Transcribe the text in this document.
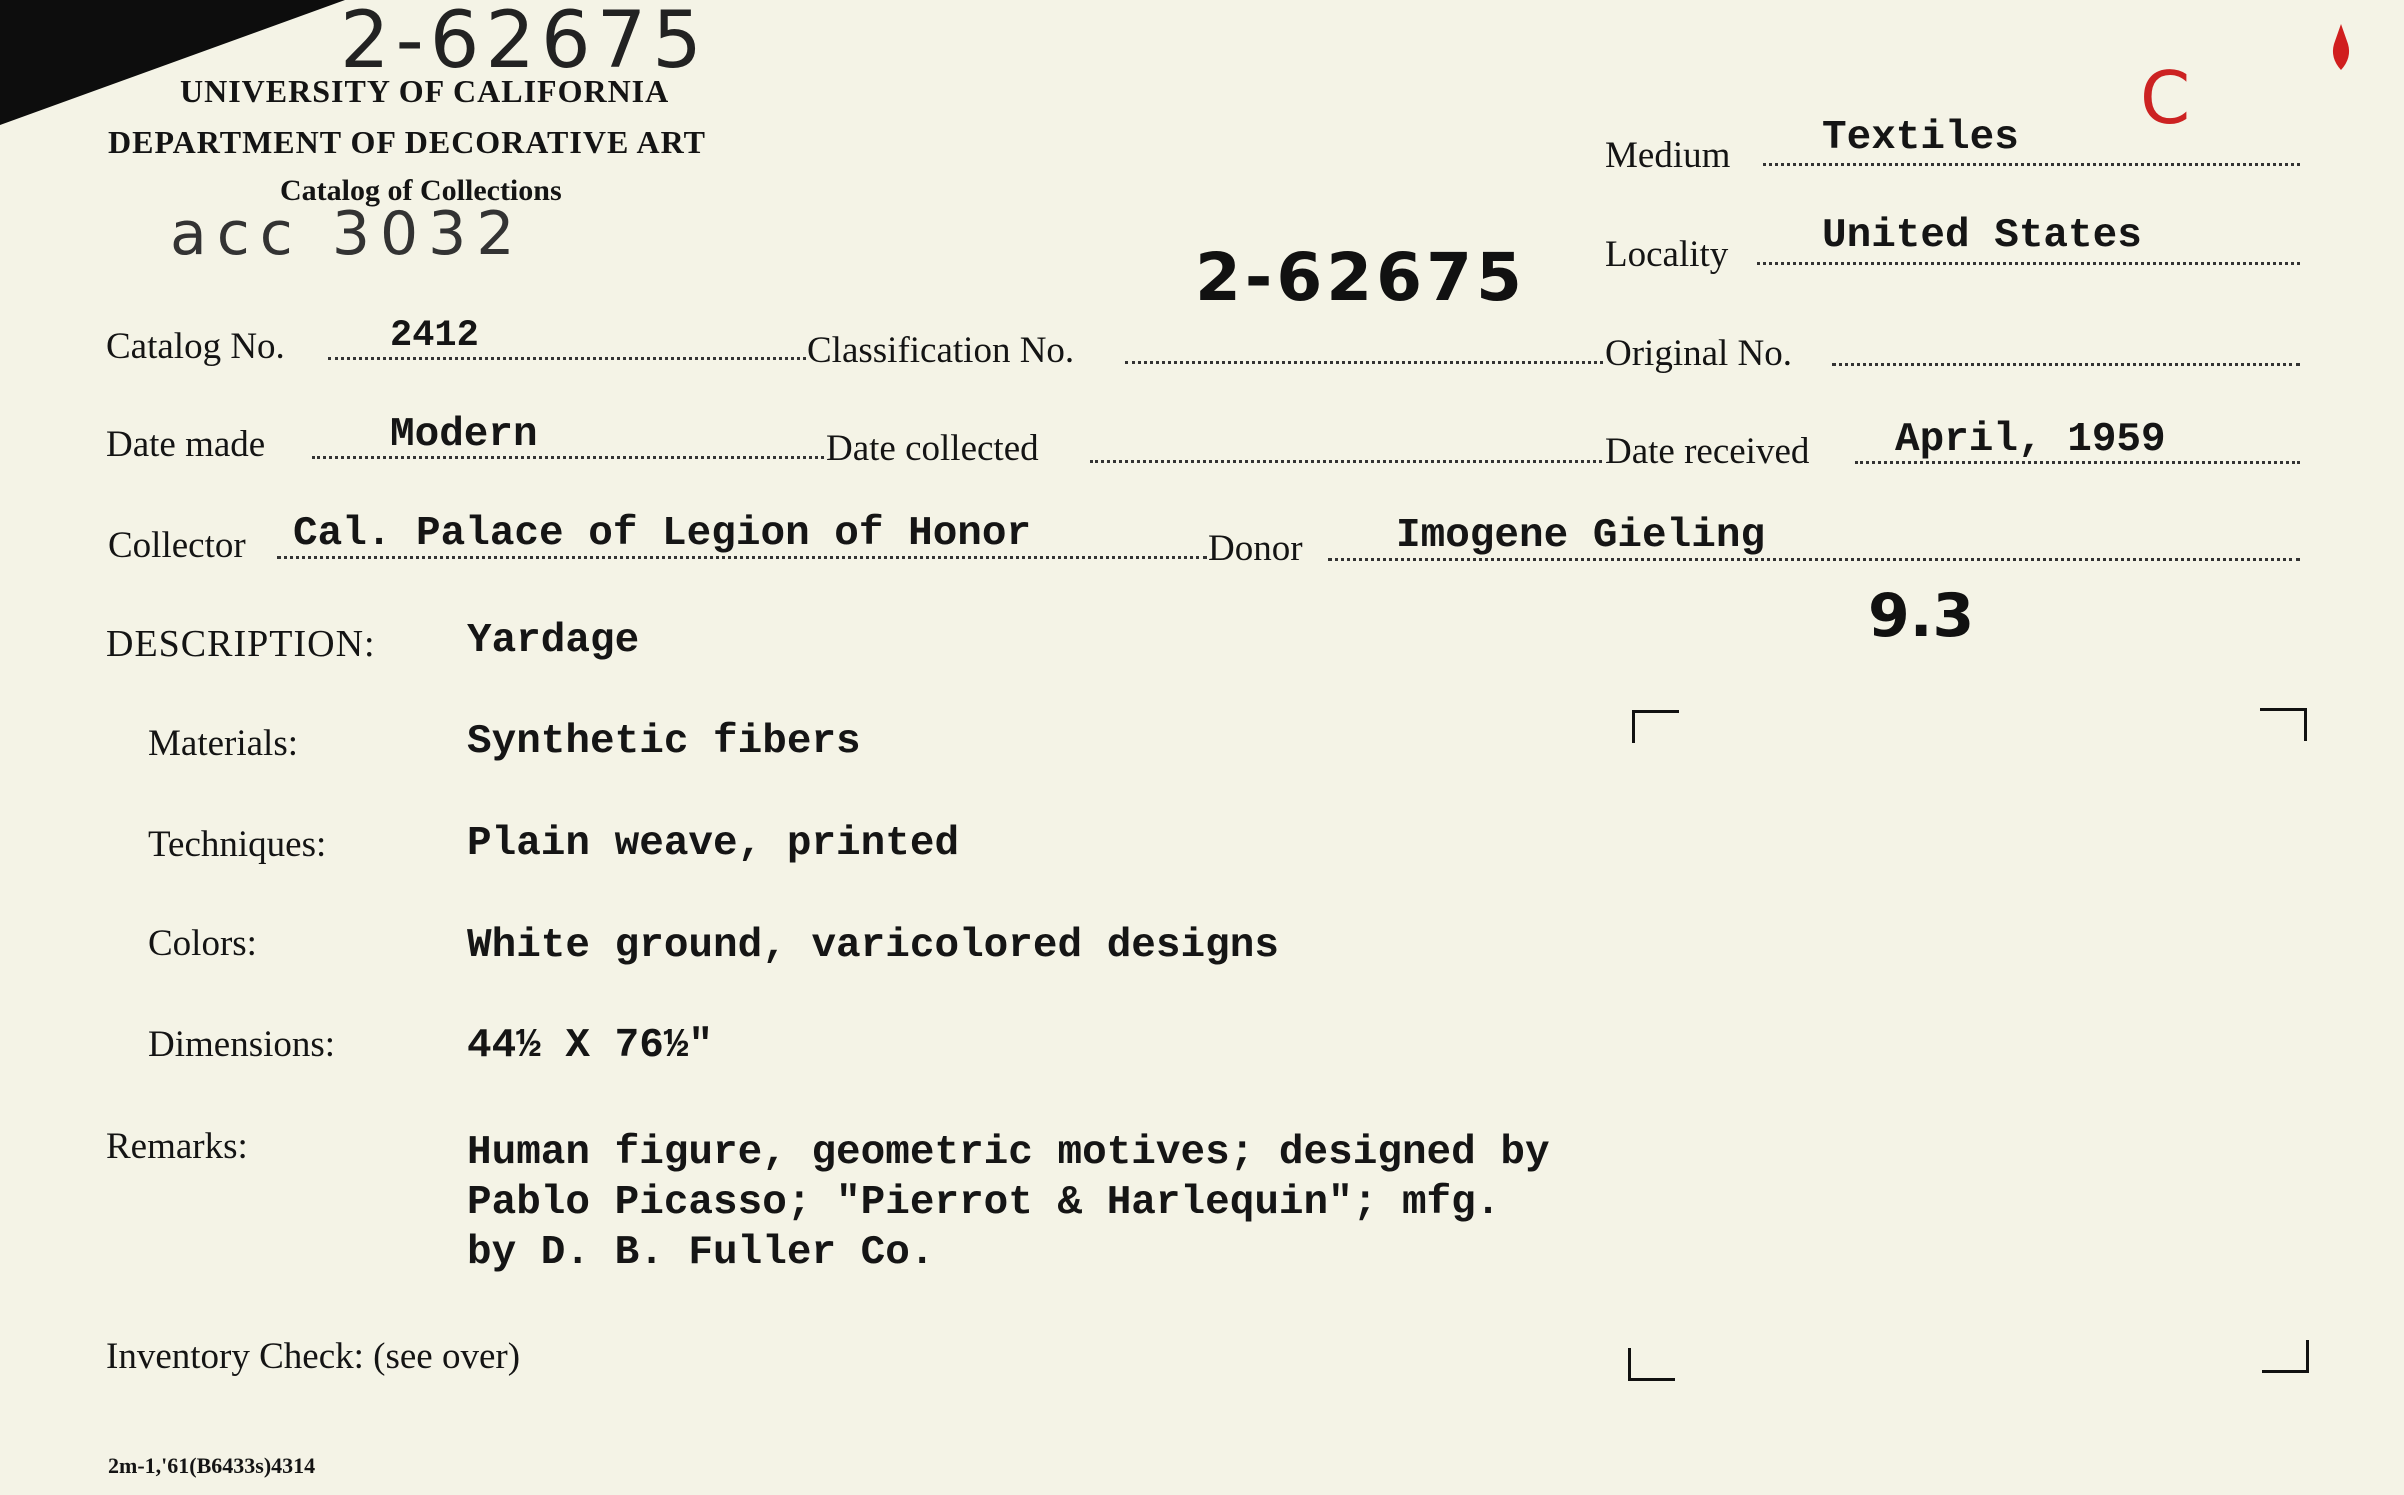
2-62675
UNIVERSITY OF CALIFORNIA
DEPARTMENT OF DECORATIVE ART
Catalog of Collections
acc 3032
2-62675
C
Medium Textiles
Locality United States
Catalog No.	2412	Classification No.	Original No.
Date made	Modern	Date collected	Date received April, 1959
Collector Cal. Palace of Legion of Honor	Donor Imogene Gieling
9.3
DESCRIPTION: Yardage
Materials:	Synthetic fibers
Techniques:	Plain weave, printed
Colors:	White ground, varicolored designs
Dimensions:	44½ X 76½"
Remarks:	Human figure, geometric motives; designed by
Pablo Picasso; "Pierrot & Harlequin"; mfg.
by D. B. Fuller Co.
Inventory Check: (see over)
2m-1,'61(B6433s)4314
